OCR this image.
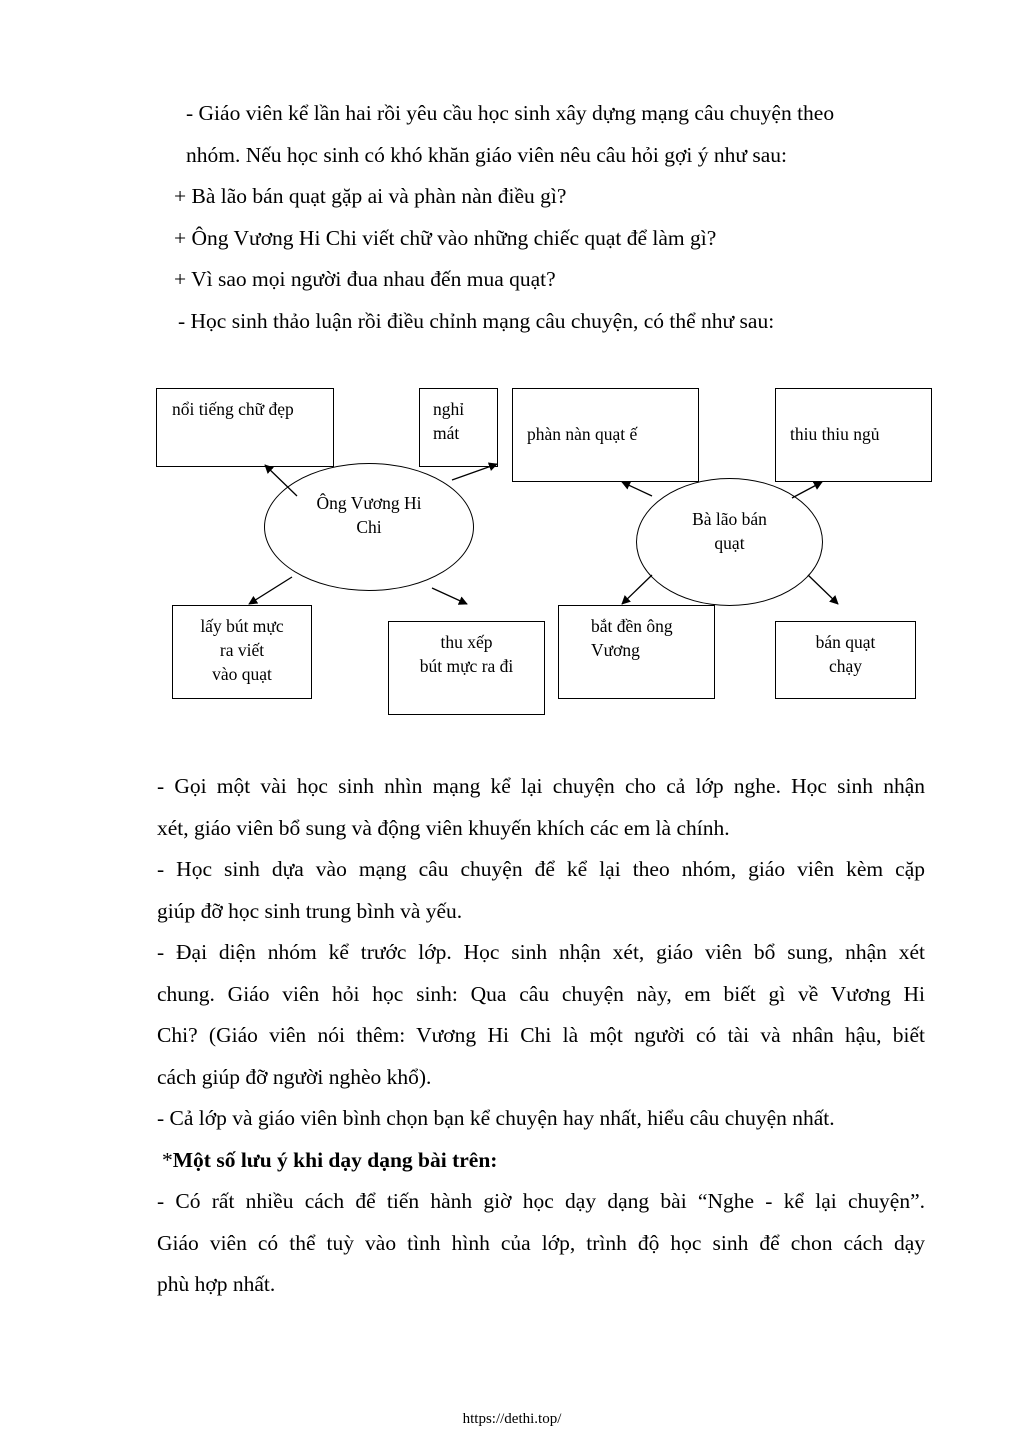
- Giáo viên kể lần hai rồi yêu cầu học sinh xây dựng mạng câu chuyện theo
nhóm. Nếu học sinh có khó khăn giáo viên nêu câu hỏi gợi ý như sau:
+ Bà lão bán quạt gặp ai và phàn nàn điều gì?
+ Ông Vương Hi Chi viết chữ vào những chiếc quạt để làm gì?
+ Vì sao mọi người đua nhau đến mua quạt?
- Học sinh thảo luận rồi điều chỉnh mạng câu chuyện, có thể như sau:
Ông Vương Hi
Chi
nổi tiếng chữ đẹp	nghỉ
mát
lấy bút mực
ra viết
vào quạt
thu xếp
bút mực ra đi
Bà lão bán
quạt
phàn nàn quạt ế	thiu thiu ngủ
bắt đền ông
Vương	bán quạt
chạy
- Gọi một vài học sinh nhìn mạng kể lại chuyện cho cả lớp nghe. Học sinh nhận
xét, giáo viên bổ sung và động viên khuyến khích các em là chính.
- Học sinh dựa vào mạng câu chuyện để kể lại theo nhóm, giáo viên kèm cặp
giúp đỡ học sinh trung bình và yếu.
- Đại diện nhóm kể trước lớp. Học sinh nhận xét, giáo viên bổ sung, nhận xét
chung. Giáo viên hỏi học sinh: Qua câu chuyện này, em biết gì về Vương Hi
Chi? (Giáo viên nói thêm: Vương Hi Chi là một người có tài và nhân hậu, biết
cách giúp đỡ người nghèo khổ).
- Cả lớp và giáo viên bình chọn bạn kể chuyện hay nhất, hiểu câu chuyện nhất.
*Một số lưu ý khi dạy dạng bài trên:
- Có rất nhiều cách để tiến hành giờ học dạy dạng bài “Nghe - kể lại chuyện”.
Giáo viên có thể tuỳ vào tình hình của lớp, trình độ học sinh để chon cách dạy
phù hợp nhất.
https://dethi.top/
